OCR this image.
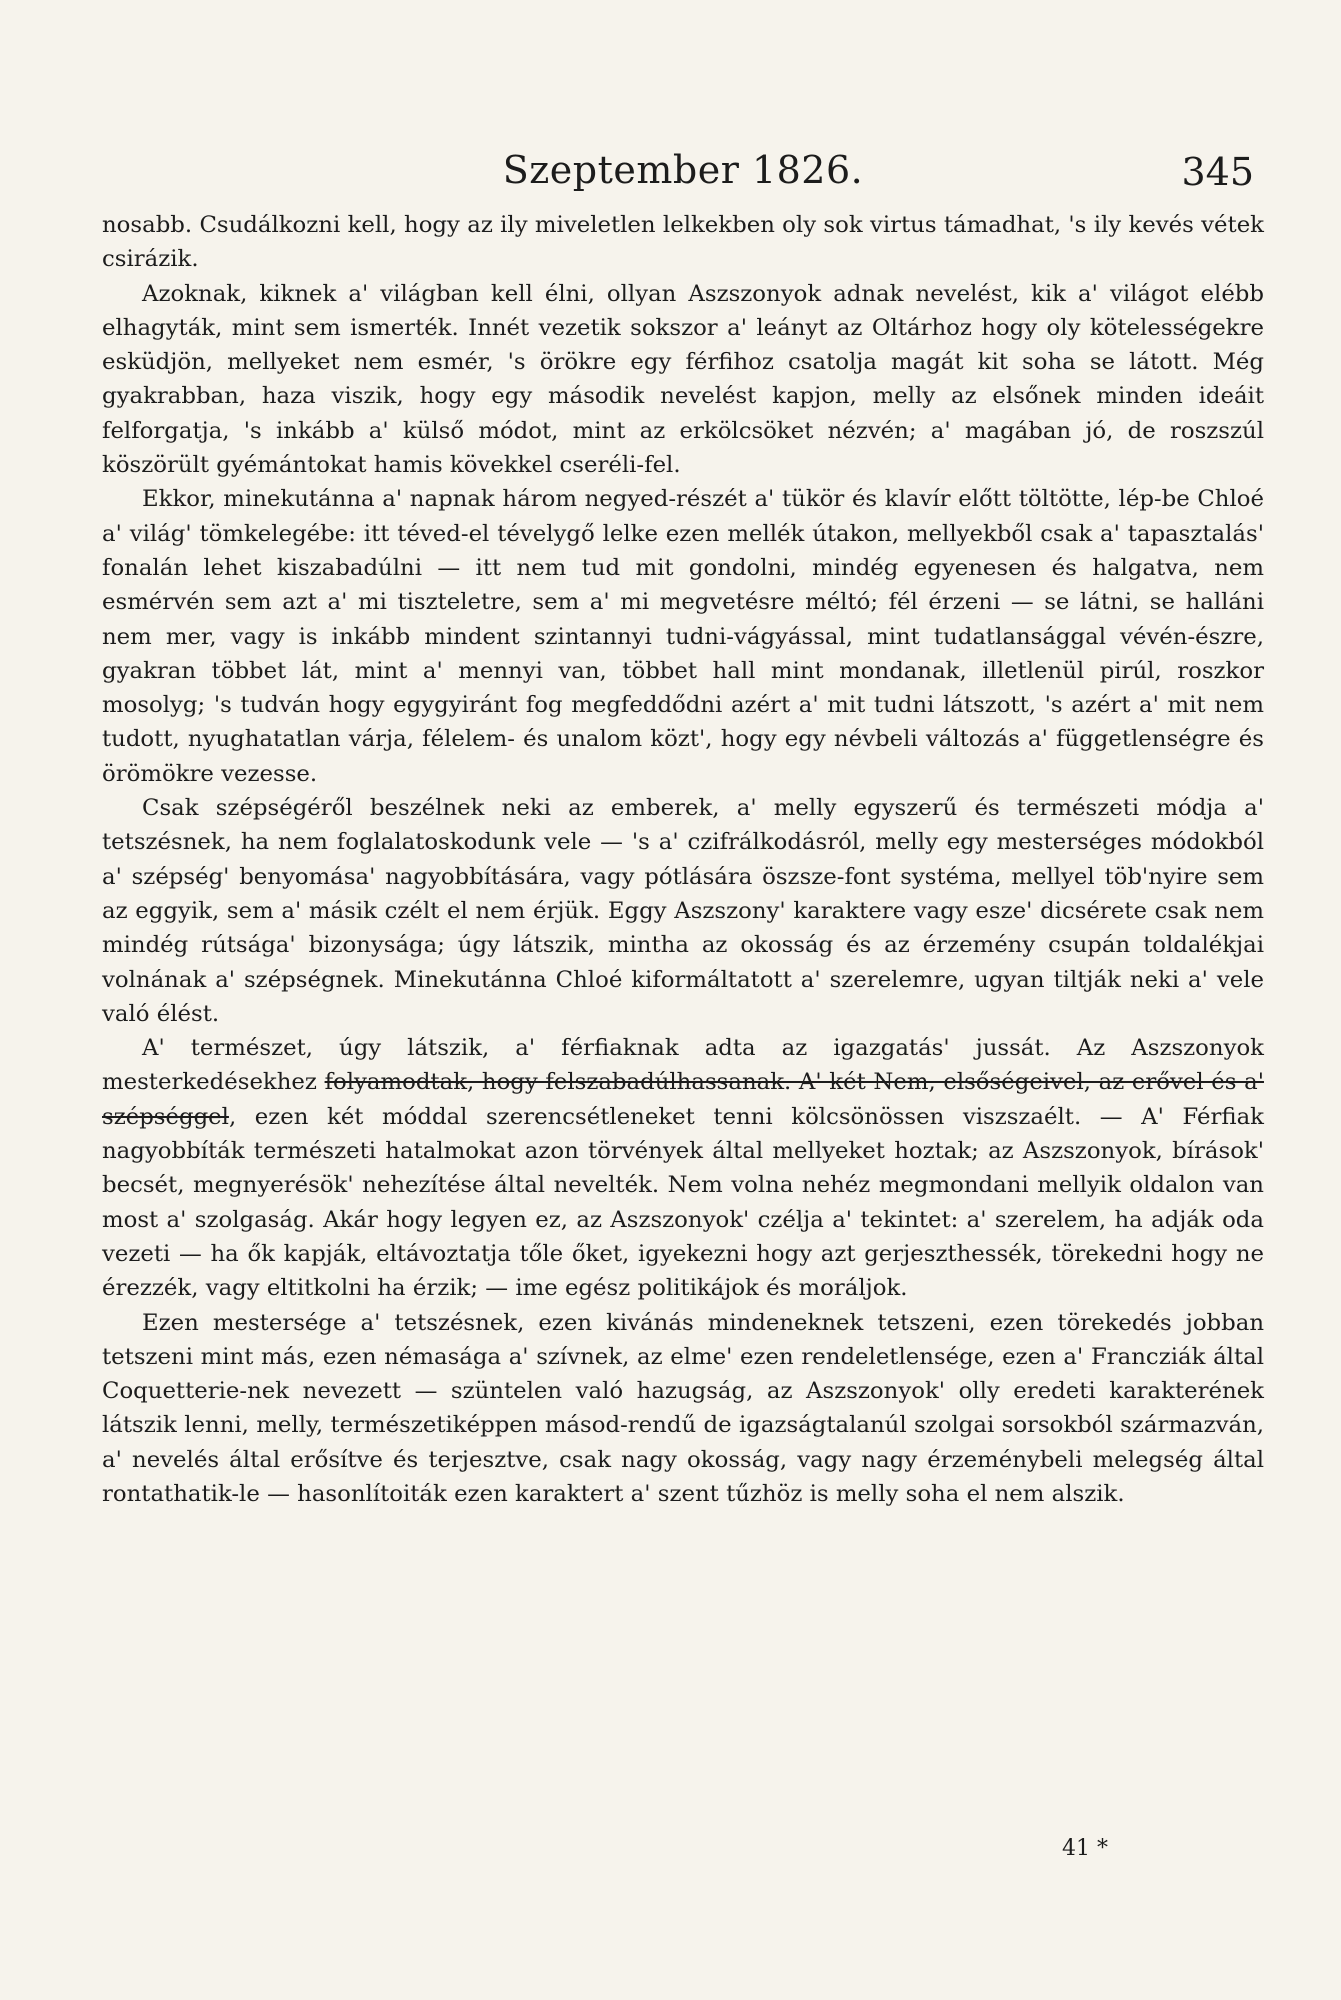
Szeptember 1826.	345

nosabb. Csudálkozni kell, hogy az ily miveletlen lelkekben oly sok virtus támadhat, 's ily kevés vétek csirázik.

Azoknak, kiknek a' világban kell élni, ollyan Aszszonyok adnak nevelést, kik a' világot elébb elhagyták, mint sem ismerték. Innét vezetik sokszor a' leányt az Oltárhoz hogy oly kötelességekre esküdjön, mellyeket nem esmér, 's örökre egy férfihoz csatolja magát kit soha se látott. Még gyakrabban, haza viszik, hogy egy második nevelést kapjon, melly az elsőnek minden ideáit felforgatja, 's inkább a' külső módot, mint az erkölcsöket nézvén; a' magában jó, de roszszúl köszörült gyémántokat hamis kövekkel cseréli-fel.

Ekkor, minekutánna a' napnak három negyed-részét a' tükör és klavír előtt töltötte, lép-be Chloé a' világ' tömkelegébe: itt téved-el tévelygő lelke ezen mellék útakon, mellyekből csak a' tapasztalás' fonalán lehet kiszabadúlni — itt nem tud mit gondolni, mindég egyenesen és halgatva, nem esmérvén sem azt a' mi tiszteletre, sem a' mi megvetésre méltó; fél érzeni — se látni, se halláni nem mer, vagy is inkább mindent szintannyi tudni-vágyással, mint tudatlansággal vévén-észre, gyakran többet lát, mint a' mennyi van, többet hall mint mondanak, illetlenül pirúl, roszkor mosolyg; 's tudván hogy egygyiránt fog megfeddődni azért a' mit tudni látszott, 's azért a' mit nem tudott, nyughatatlan várja, félelem- és unalom közt', hogy egy névbeli változás a' függetlenségre és örömökre vezesse.

Csak szépségéről beszélnek neki az emberek, a' melly egyszerű és természeti módja a' tetszésnek, ha nem foglalatoskodunk vele — 's a' czifrálkodásról, melly egy mesterséges módokból a' szépség' benyomása' nagyobbítására, vagy pótlására öszsze-font systéma, mellyel töb'nyire sem az eggyik, sem a' másik czélt el nem érjük. Eggy Aszszony' karaktere vagy esze' dicsérete csak nem mindég rútsága' bizonysága; úgy látszik, mintha az okosság és az érzemény csupán toldalékjai volnának a' szépségnek. Minekutánna Chloé kiformáltatott a' szerelemre, ugyan tiltják neki a' vele való élést.

A' természet, úgy látszik, a' férfiaknak adta az igazgatás' jussát. Az Aszszonyok mesterkedésekhez folyamodtak, hogy felszabadúlhassanak. A' két Nem, elsőségeivel, az erővel és a' szépséggel, ezen két móddal szerencsétleneket tenni kölcsönössen viszszaélt. — A' Férfiak nagyobbíták természeti hatalmokat azon törvények által mellyeket hoztak; az Aszszonyok, bírások' becsét, megnyerésök' nehezítése által nevelték. Nem volna nehéz megmondani mellyik oldalon van most a' szolgaság. Akár hogy legyen ez, az Aszszonyok' czélja a' tekintet: a' szerelem, ha adják oda vezeti — ha ők kapják, eltávoztatja tőle őket, igyekezni hogy azt gerjeszthessék, törekedni hogy ne érezzék, vagy eltitkolni ha érzik; — ime egész politikájok és moráljok.

Ezen mestersége a' tetszésnek, ezen kivánás mindeneknek tetszeni, ezen törekedés jobban tetszeni mint más, ezen némasága a' szívnek, az elme' ezen rendeletlensége, ezen a' Francziák által Coquetterie-nek nevezett — szüntelen való hazugság, az Aszszonyok' olly eredeti karakterének látszik lenni, melly, természetiképpen másod-rendű de igazságtalanúl szolgai sorsokból származván, a' nevelés által erősítve és terjesztve, csak nagy okosság, vagy nagy érzeménybeli melegség által rontathatik-le — hasonlítoiták ezen karaktert a' szent tűzhöz is melly soha el nem alszik.

41 *
